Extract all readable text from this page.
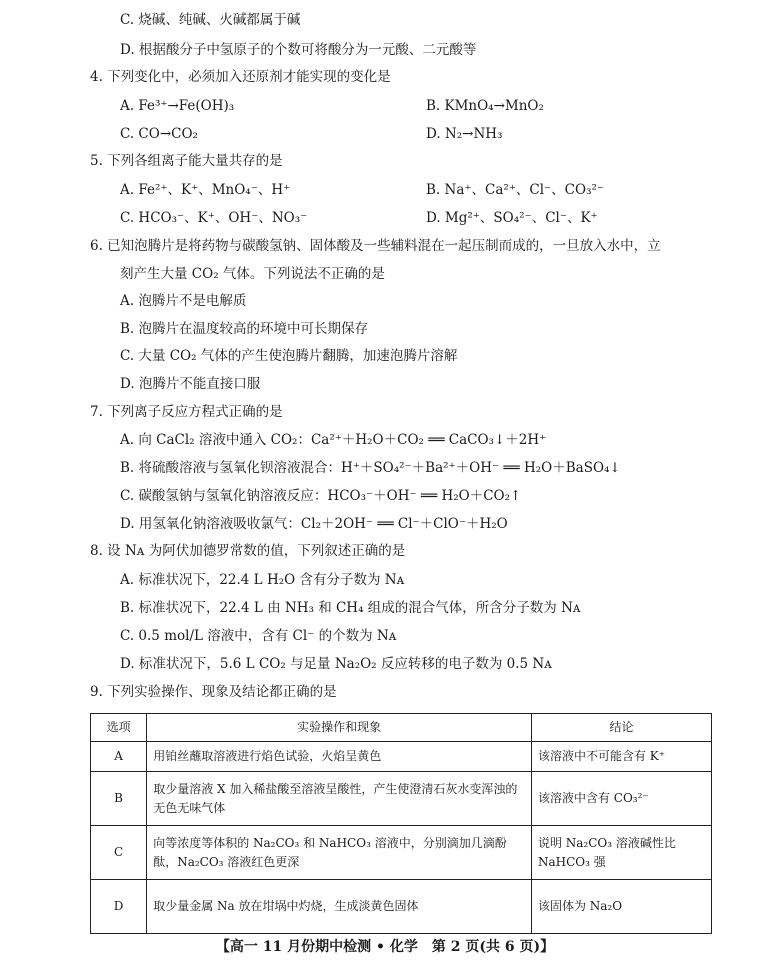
C. 烧碱、纯碱、火碱都属于碱
D. 根据酸分子中氢原子的个数可将酸分为一元酸、二元酸等
4. 下列变化中，必须加入还原剂才能实现的变化是
A. Fe³⁺→Fe(OH)₃	B. KMnO₄→MnO₂
C. CO→CO₂	D. N₂→NH₃
5. 下列各组离子能大量共存的是
A. Fe²⁺、K⁺、MnO₄⁻、H⁺	B. Na⁺、Ca²⁺、Cl⁻、CO₃²⁻
C. HCO₃⁻、K⁺、OH⁻、NO₃⁻	D. Mg²⁺、SO₄²⁻、Cl⁻、K⁺
6. 已知泡腾片是将药物与碳酸氢钠、固体酸及一些辅料混在一起压制而成的，一旦放入水中，立
刻产生大量 CO₂ 气体。下列说法不正确的是
A. 泡腾片不是电解质
B. 泡腾片在温度较高的环境中可长期保存
C. 大量 CO₂ 气体的产生使泡腾片翻腾，加速泡腾片溶解
D. 泡腾片不能直接口服
7. 下列离子反应方程式正确的是
A. 向 CaCl₂ 溶液中通入 CO₂：Ca²⁺＋H₂O＋CO₂ ══ CaCO₃↓＋2H⁺
B. 将硫酸溶液与氢氧化钡溶液混合：H⁺＋SO₄²⁻＋Ba²⁺＋OH⁻ ══ H₂O＋BaSO₄↓
C. 碳酸氢钠与氢氧化钠溶液反应：HCO₃⁻＋OH⁻ ══ H₂O＋CO₂↑
D. 用氢氧化钠溶液吸收氯气：Cl₂＋2OH⁻ ══ Cl⁻＋ClO⁻＋H₂O
8. 设 Nᴀ 为阿伏加德罗常数的值，下列叙述正确的是
A. 标准状况下，22.4 L H₂O 含有分子数为 Nᴀ
B. 标准状况下，22.4 L 由 NH₃ 和 CH₄ 组成的混合气体，所含分子数为 Nᴀ
C. 0.5 mol/L 溶液中，含有 Cl⁻ 的个数为 Nᴀ
D. 标准状况下，5.6 L CO₂ 与足量 Na₂O₂ 反应转移的电子数为 0.5 Nᴀ
9. 下列实验操作、现象及结论都正确的是
选项	实验操作和现象	结论
A	用铂丝蘸取溶液进行焰色试验，火焰呈黄色	该溶液中不可能含有 K⁺
B	取少量溶液 X 加入稀盐酸至溶液呈酸性，产生使澄清石灰水变浑浊的无色无味气体	该溶液中含有 CO₃²⁻
C	向等浓度等体积的 Na₂CO₃ 和 NaHCO₃ 溶液中，分别滴加几滴酚酞，Na₂CO₃ 溶液红色更深	说明 Na₂CO₃ 溶液碱性比 NaHCO₃ 强
D	取少量金属 Na 放在坩埚中灼烧，生成淡黄色固体	该固体为 Na₂O
【高一 11 月份期中检测 • 化学　第 2 页(共 6 页)】
